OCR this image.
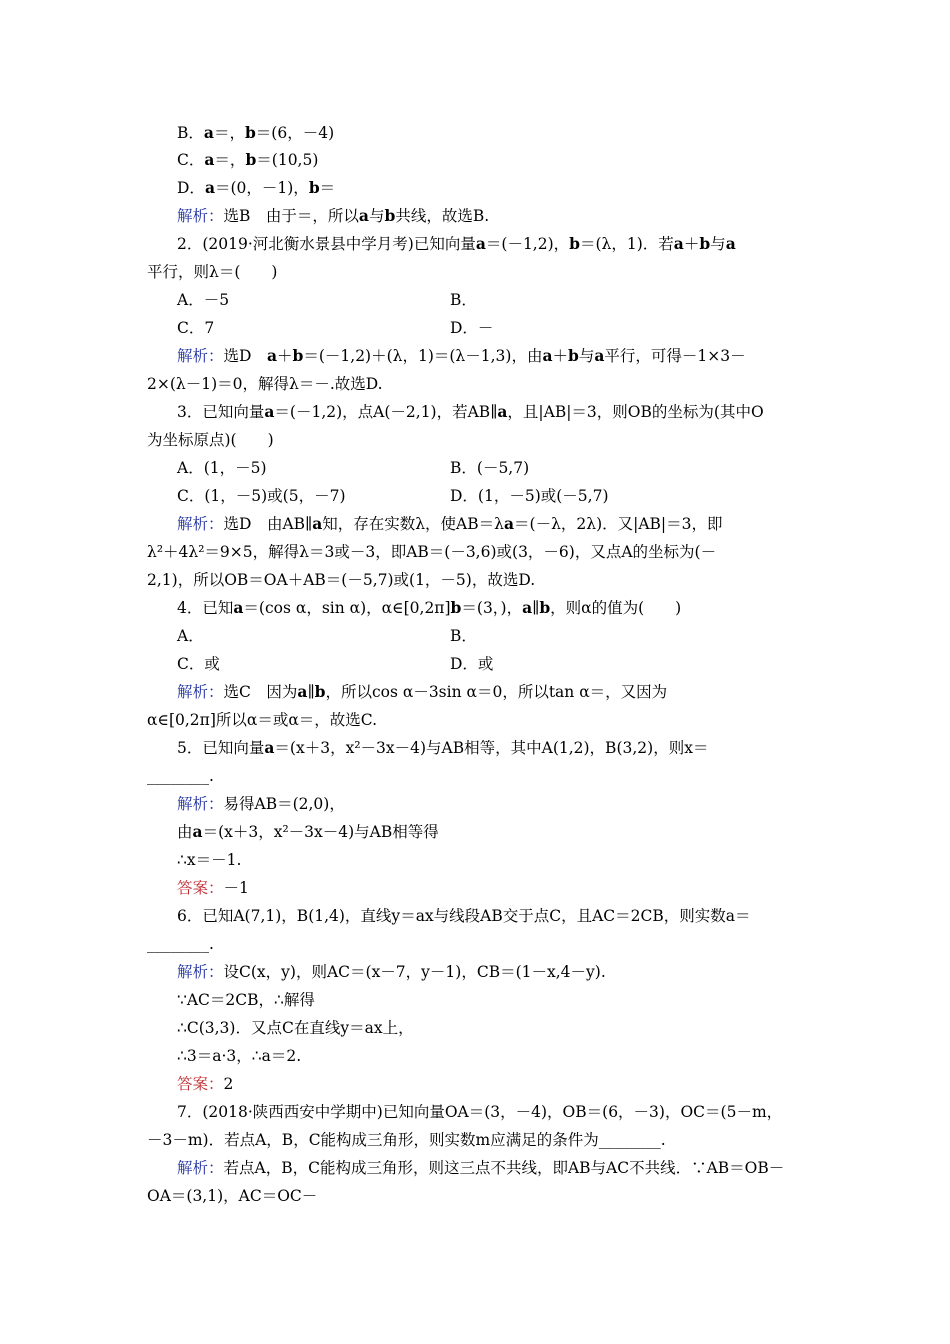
B．a＝，b＝(6，－4)
C．a＝，b＝(10,5)
D．a＝(0，－1)，b＝
解析：选B　由于＝，所以a与b共线，故选B.
2．(2019·河北衡水景县中学月考)已知向量a＝(－1,2)，b＝(λ，1)．若a＋b与a
平行，则λ＝(　　)
A．－5	B．
C．7	D．－
解析：选D　a＋b＝(－1,2)＋(λ，1)＝(λ－1,3)，由a＋b与a平行，可得－1×3－
2×(λ－1)＝0，解得λ＝－.故选D.
3．已知向量a＝(－1,2)，点A(－2,1)，若AB∥a，且|AB|＝3，则OB的坐标为(其中O
为坐标原点)(　　)
A．(1，－5)	B．(－5,7)
C．(1，－5)或(5，－7)	D．(1，－5)或(－5,7)
解析：选D　由AB∥a知，存在实数λ，使AB＝λa＝(－λ，2λ)．又|AB|＝3，即
λ²＋4λ²＝9×5，解得λ＝3或－3，即AB＝(－3,6)或(3，－6)，又点A的坐标为(－
2,1)，所以OB＝OA＋AB＝(－5,7)或(1，－5)，故选D.
4．已知a＝(cos α，sin α)，α∈[0,2π]b＝(3，)，a∥b，则α的值为(　　)
A．	B．
C．或	D．或
解析：选C　因为a∥b，所以cos α－3sin α＝0，所以tan α＝，又因为
α∈[0,2π]所以α＝或α＝，故选C.
5．已知向量a＝(x＋3，x²－3x－4)与AB相等，其中A(1,2)，B(3,2)，则x＝
________.
解析：易得AB＝(2,0)，
由a＝(x＋3，x²－3x－4)与AB相等得
∴x＝－1.
答案：－1
6．已知A(7,1)，B(1,4)，直线y＝ax与线段AB交于点C，且AC＝2CB，则实数a＝
________.
解析：设C(x，y)，则AC＝(x－7，y－1)，CB＝(1－x,4－y).
∵AC＝2CB，∴解得
∴C(3,3)．又点C在直线y＝ax上，
∴3＝a·3，∴a＝2.
答案：2
7．(2018·陕西西安中学期中)已知向量OA＝(3，－4)，OB＝(6，－3)，OC＝(5－m，
－3－m)．若点A，B，C能构成三角形，则实数m应满足的条件为________.
解析：若点A，B，C能构成三角形，则这三点不共线，即AB与AC不共线．∵AB＝OB－
OA＝(3,1)，AC＝OC－
